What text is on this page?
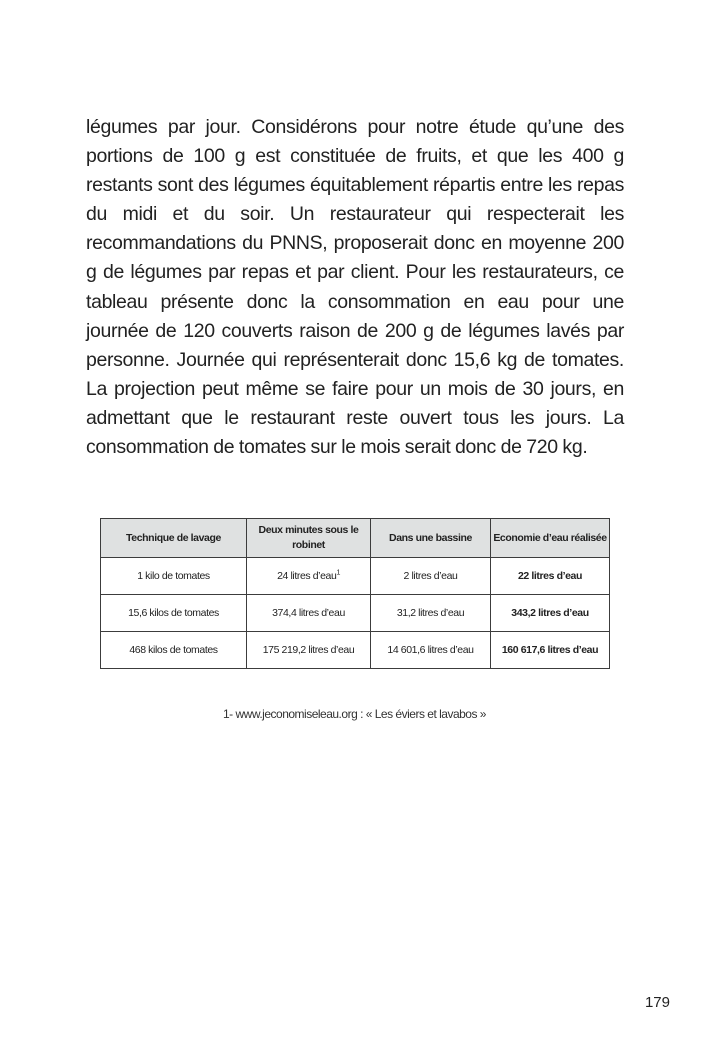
légumes par jour. Considérons pour notre étude qu’une des portions de 100 g est constituée de fruits, et que les 400 g restants sont des légumes équitablement répartis entre les repas du midi et du soir. Un restaurateur qui respecterait les recommandations du PNNS, proposerait donc en moyenne 200 g de légumes par repas et par client. Pour les restaurateurs, ce tableau présente donc la consommation en eau pour une journée de 120 couverts raison de 200 g de légumes lavés par personne. Journée qui représenterait donc 15,6 kg de tomates. La projection peut même se faire pour un mois de 30 jours, en admettant que le restaurant reste ouvert tous les jours. La consommation de tomates sur le mois serait donc de 720 kg.

Technique de lavage	Deux minutes sous le robinet	Dans une bassine	Economie d’eau réalisée
1 kilo de tomates	24 litres d’eau$^1$	2 litres d’eau	22 litres d’eau
15,6 kilos de tomates	374,4 litres d’eau	31,2 litres d’eau	343,2 litres d’eau
468 kilos de tomates	175 219,2 litres d’eau	14 601,6 litres d’eau	160 617,6 litres d’eau

1- www.jeconomiseleau.org : « Les éviers et lavabos »

179
